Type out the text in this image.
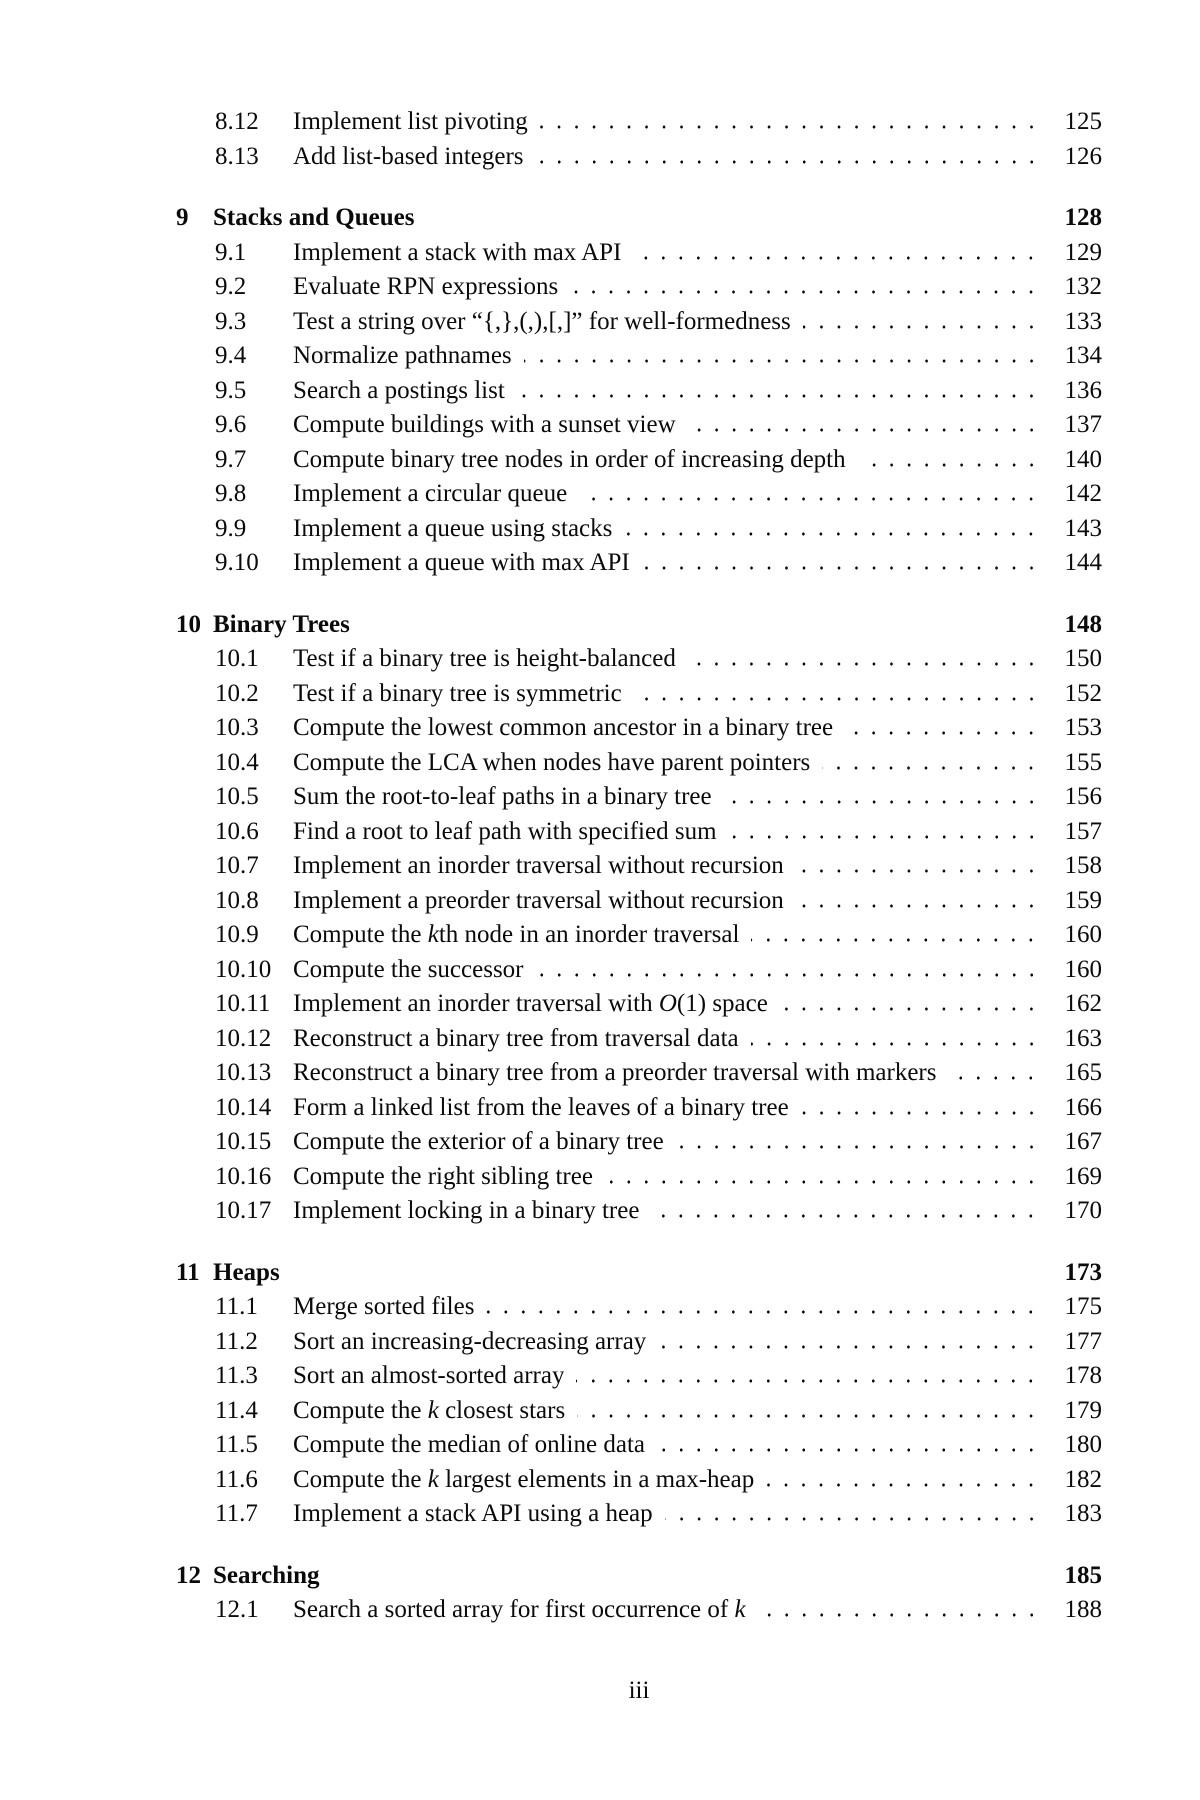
8.12	Implement list pivoting	125
8.13	Add list-based integers	126
9 Stacks and Queues	128
9.1	Implement a stack with max API	129
9.2	Evaluate RPN expressions	132
9.3	Test a string over “{,},(,),[,]” for well-formedness	133
9.4	Normalize pathnames	134
9.5	Search a postings list	136
9.6	Compute buildings with a sunset view	137
9.7	Compute binary tree nodes in order of increasing depth	140
9.8	Implement a circular queue	142
9.9	Implement a queue using stacks	143
9.10	Implement a queue with max API	144
10 Binary Trees	148
10.1	Test if a binary tree is height-balanced	150
10.2	Test if a binary tree is symmetric	152
10.3	Compute the lowest common ancestor in a binary tree	153
10.4	Compute the LCA when nodes have parent pointers	155
10.5	Sum the root-to-leaf paths in a binary tree	156
10.6	Find a root to leaf path with specified sum	157
10.7	Implement an inorder traversal without recursion	158
10.8	Implement a preorder traversal without recursion	159
10.9	Compute the kth node in an inorder traversal	160
10.10 Compute the successor	160
10.11 Implement an inorder traversal with O(1) space	162
10.12 Reconstruct a binary tree from traversal data	163
10.13 Reconstruct a binary tree from a preorder traversal with markers	165
10.14 Form a linked list from the leaves of a binary tree	166
10.15 Compute the exterior of a binary tree	167
10.16 Compute the right sibling tree	169
10.17 Implement locking in a binary tree	170
11 Heaps	173
11.1	Merge sorted files	175
11.2	Sort an increasing-decreasing array	177
11.3	Sort an almost-sorted array	178
11.4	Compute the k closest stars	179
11.5	Compute the median of online data	180
11.6	Compute the k largest elements in a max-heap	182
11.7	Implement a stack API using a heap	183
12 Searching	185
12.1	Search a sorted array for first occurrence of k	188
iii
